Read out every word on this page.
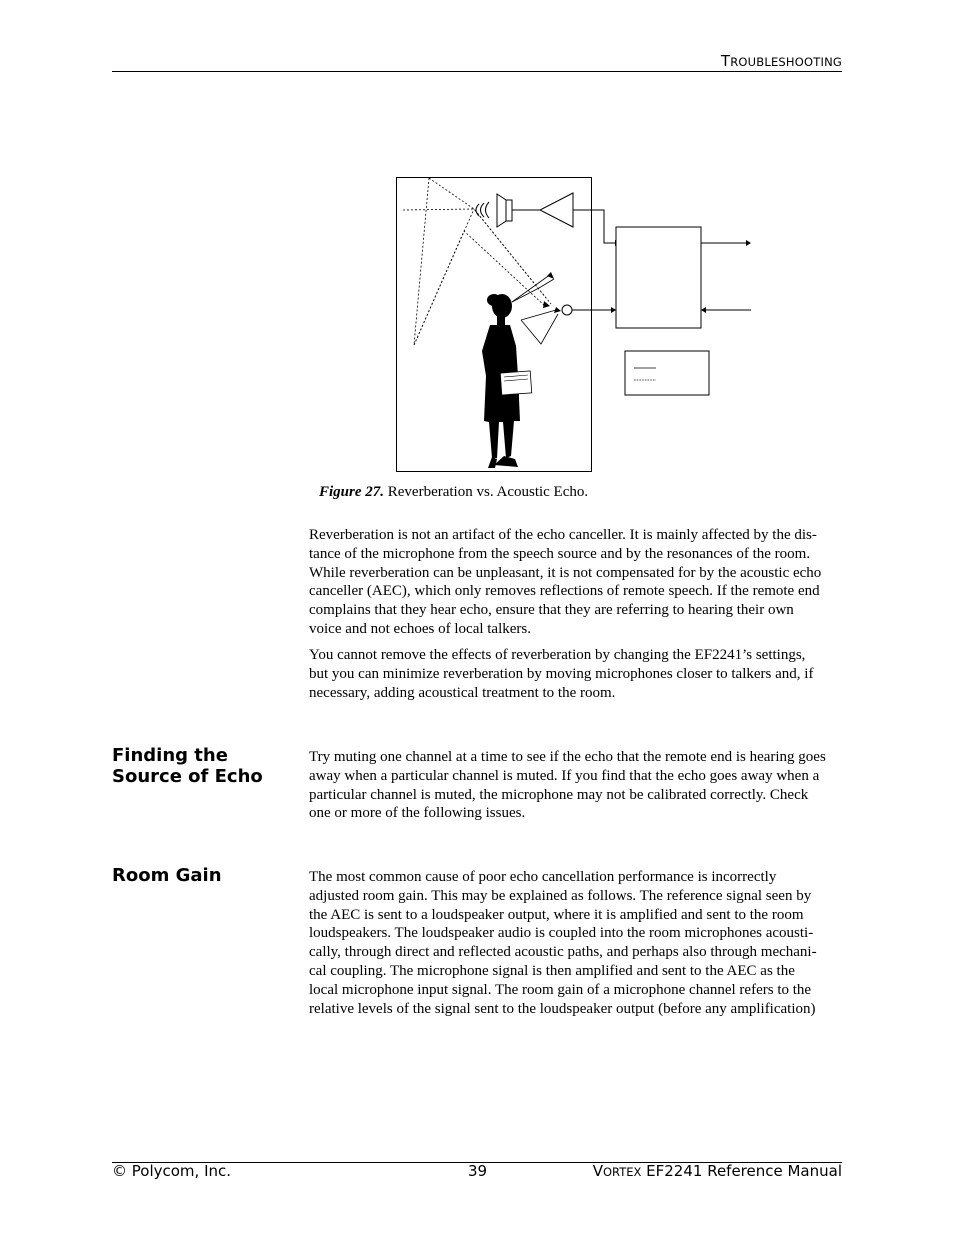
TROUBLESHOOTING
Figure 27. Reverberation vs. Acoustic Echo.

Reverberation is not an artifact of the echo canceller. It is mainly affected by the dis-
tance of the microphone from the speech source and by the resonances of the room.
While reverberation can be unpleasant, it is not compensated for by the acoustic echo
canceller (AEC), which only removes reflections of remote speech. If the remote end
complains that they hear echo, ensure that they are referring to hearing their own
voice and not echoes of local talkers.

You cannot remove the effects of reverberation by changing the EF2241’s settings,
but you can minimize reverberation by moving microphones closer to talkers and, if
necessary, adding acoustical treatment to the room.

Finding the
Source of Echo

Try muting one channel at a time to see if the echo that the remote end is hearing goes
away when a particular channel is muted. If you find that the echo goes away when a
particular channel is muted, the microphone may not be calibrated correctly. Check
one or more of the following issues.

Room Gain	The most common cause of poor echo cancellation performance is incorrectly
adjusted room gain. This may be explained as follows. The reference signal seen by
the AEC is sent to a loudspeaker output, where it is amplified and sent to the room
loudspeakers. The loudspeaker audio is coupled into the room microphones acousti-
cally, through direct and reflected acoustic paths, and perhaps also through mechani-
cal coupling. The microphone signal is then amplified and sent to the AEC as the
local microphone input signal. The room gain of a microphone channel refers to the
relative levels of the signal sent to the loudspeaker output (before any amplification)

© Polycom, Inc.	39	VORTEX EF2241 Reference Manual
